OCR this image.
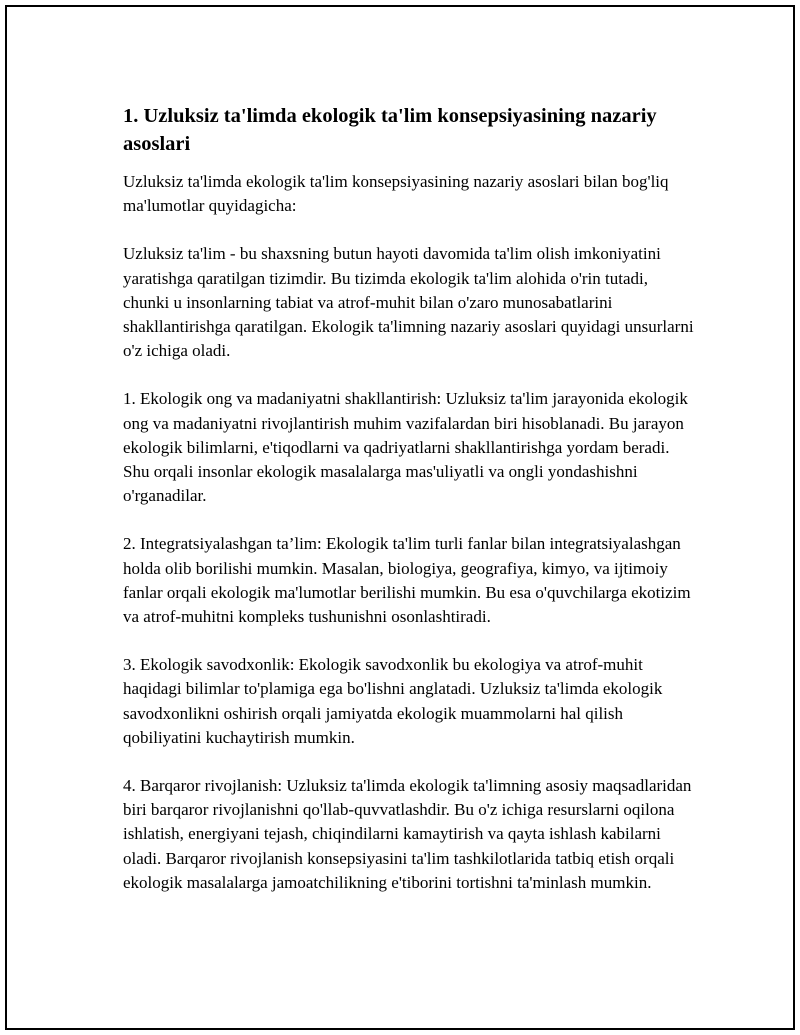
1. Uzluksiz ta'limda ekologik ta'lim konsepsiyasining nazariy asoslari

Uzluksiz ta'limda ekologik ta'lim konsepsiyasining nazariy asoslari bilan bog'liq ma'lumotlar quyidagicha:

Uzluksiz ta'lim - bu shaxsning butun hayoti davomida ta'lim olish imkoniyatini yaratishga qaratilgan tizimdir. Bu tizimda ekologik ta'lim alohida o'rin tutadi, chunki u insonlarning tabiat va atrof-muhit bilan o'zaro munosabatlarini shakllantirishga qaratilgan. Ekologik ta'limning nazariy asoslari quyidagi unsurlarni o'z ichiga oladi.

1. Ekologik ong va madaniyatni shakllantirish: Uzluksiz ta'lim jarayonida ekologik ong va madaniyatni rivojlantirish muhim vazifalardan biri hisoblanadi. Bu jarayon ekologik bilimlarni, e'tiqodlarni va qadriyatlarni shakllantirishga yordam beradi. Shu orqali insonlar ekologik masalalarga mas'uliyatli va ongli yondashishni o'rganadilar.

2. Integratsiyalashgan ta’lim: Ekologik ta'lim turli fanlar bilan integratsiyalashgan holda olib borilishi mumkin. Masalan, biologiya, geografiya, kimyo, va ijtimoiy fanlar orqali ekologik ma'lumotlar berilishi mumkin. Bu esa o'quvchilarga ekotizim va atrof-muhitni kompleks tushunishni osonlashtiradi.

3. Ekologik savodxonlik: Ekologik savodxonlik bu ekologiya va atrof-muhit haqidagi bilimlar to'plamiga ega bo'lishni anglatadi. Uzluksiz ta'limda ekologik savodxonlikni oshirish orqali jamiyatda ekologik muammolarni hal qilish qobiliyatini kuchaytirish mumkin.

4. Barqaror rivojlanish: Uzluksiz ta'limda ekologik ta'limning asosiy maqsadlaridan biri barqaror rivojlanishni qo'llab-quvvatlashdir. Bu o'z ichiga resurslarni oqilona ishlatish, energiyani tejash, chiqindilarni kamaytirish va qayta ishlash kabilarni oladi. Barqaror rivojlanish konsepsiyasini ta'lim tashkilotlarida tatbiq etish orqali ekologik masalalarga jamoatchilikning e'tiborini tortishni ta'minlash mumkin.
